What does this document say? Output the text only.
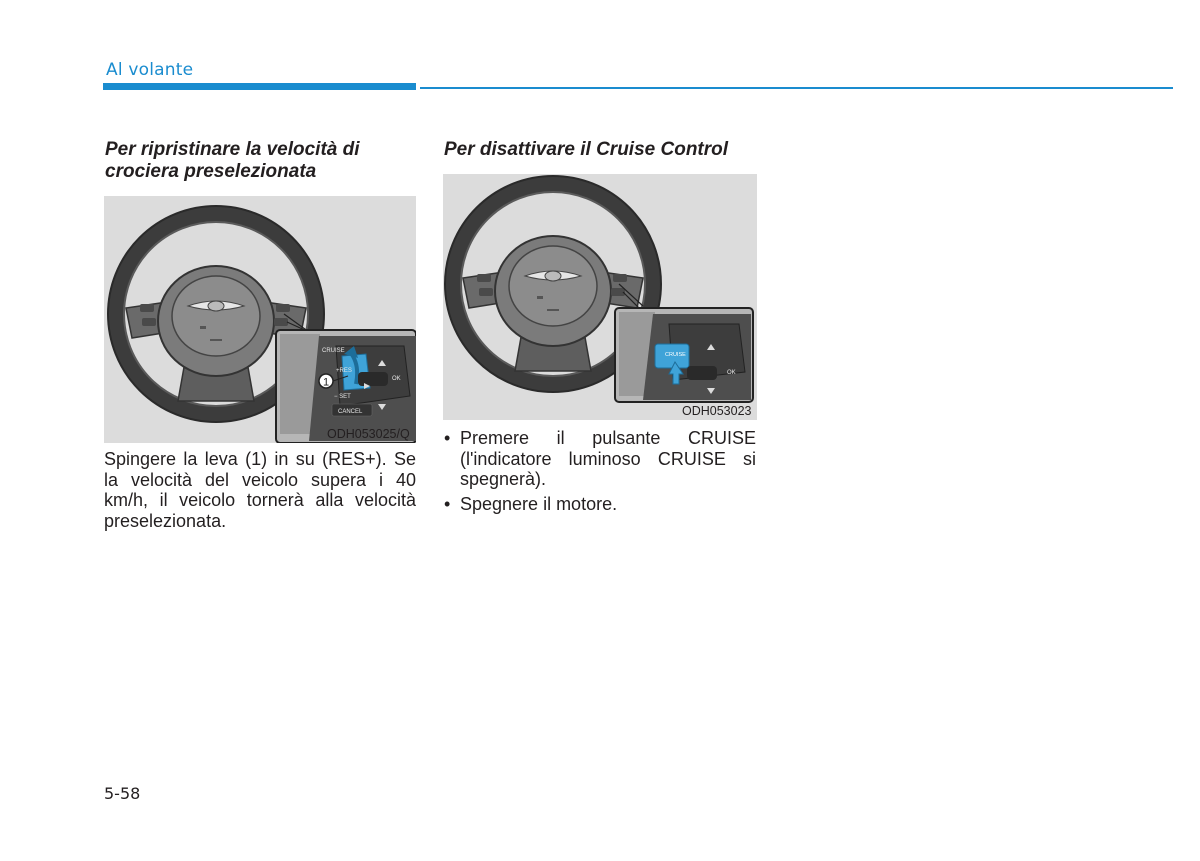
Al volante
Per ripristinare la velocità di
crociera preselezionata
1
CRUISE
+RES
− SET
CANCEL
OK
ODH053025/Q
Spingere la leva (1) in su (RES+). Se la velocità del veicolo supera i 40 km/h, il veicolo tornerà alla velocità preselezionata.
Per disattivare il Cruise Control
CRUISE
OK
ODH053023
• Premere il pulsante CRUISE (l'indicatore luminoso CRUISE si spegnerà).
• Spegnere il motore.
5-58
